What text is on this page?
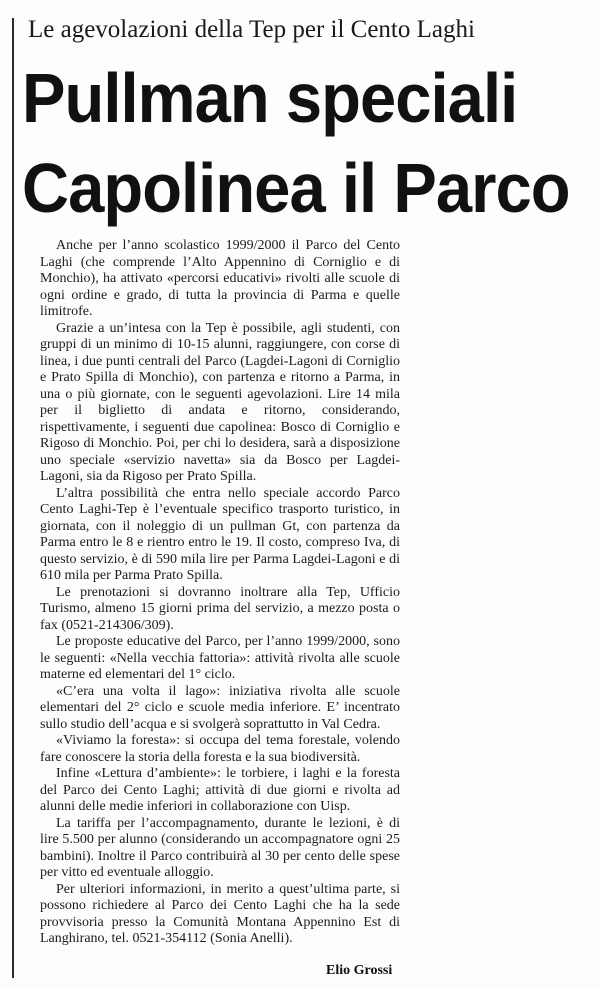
Le agevolazioni della Tep per il Cento Laghi
Pullman speciali
Capolinea il Parco

Anche per l’anno scolastico 1999/2000 il Parco del Cento Laghi (che comprende l’Alto Appennino di Corniglio e di Monchio), ha attivato «percorsi educativi» rivolti alle scuole di ogni ordine e grado, di tutta la provincia di Parma e quelle limitrofe.

Grazie a un’intesa con la Tep è possibile, agli studenti, con gruppi di un minimo di 10-15 alunni, raggiungere, con corse di linea, i due punti centrali del Parco (Lagdei-Lagoni di Corniglio e Prato Spilla di Monchio), con partenza e ritorno a Parma, in una o più giornate, con le seguenti agevolazioni. Lire 14 mila per il biglietto di andata e ritorno, considerando, rispettivamente, i seguenti due capolinea: Bosco di Corniglio e Rigoso di Monchio. Poi, per chi lo desidera, sarà a disposizione uno speciale «servizio navetta» sia da Bosco per Lagdei-Lagoni, sia da Rigoso per Prato Spilla.

L’altra possibilità che entra nello speciale accordo Parco Cento Laghi-Tep è l’eventuale specifico trasporto turistico, in giornata, con il noleggio di un pullman Gt, con partenza da Parma entro le 8 e rientro entro le 19. Il costo, compreso Iva, di questo servizio, è di 590 mila lire per Parma Lagdei-Lagoni e di 610 mila per Parma Prato Spilla.

Le prenotazioni si dovranno inoltrare alla Tep, Ufficio Turismo, almeno 15 giorni prima del servizio, a mezzo posta o fax (0521-214306/309).

Le proposte educative del Parco, per l’anno 1999/2000, sono le seguenti: «Nella vecchia fattoria»: attività rivolta alle scuole materne ed elementari del 1° ciclo.

«C’era una volta il lago»: iniziativa rivolta alle scuole elementari del 2° ciclo e scuole media inferiore. E’ incentrato sullo studio dell’acqua e si svolgerà soprattutto in Val Cedra.

«Viviamo la foresta»: si occupa del tema forestale, volendo fare conoscere la storia della foresta e la sua biodiversità.

Infine «Lettura d’ambiente»: le torbiere, i laghi e la foresta del Parco dei Cento Laghi; attività di due giorni e rivolta ad alunni delle medie inferiori in collaborazione con Uisp.

La tariffa per l’accompagnamento, durante le lezioni, è di lire 5.500 per alunno (considerando un accompagnatore ogni 25 bambini). Inoltre il Parco contribuirà al 30 per cento delle spese per vitto ed eventuale alloggio.

Per ulteriori informazioni, in merito a quest’ultima parte, si possono richiedere al Parco dei Cento Laghi che ha la sede provvisoria presso la Comunità Montana Appennino Est di Langhirano, tel. 0521-354112 (Sonia Anelli).

Elio Grossi
